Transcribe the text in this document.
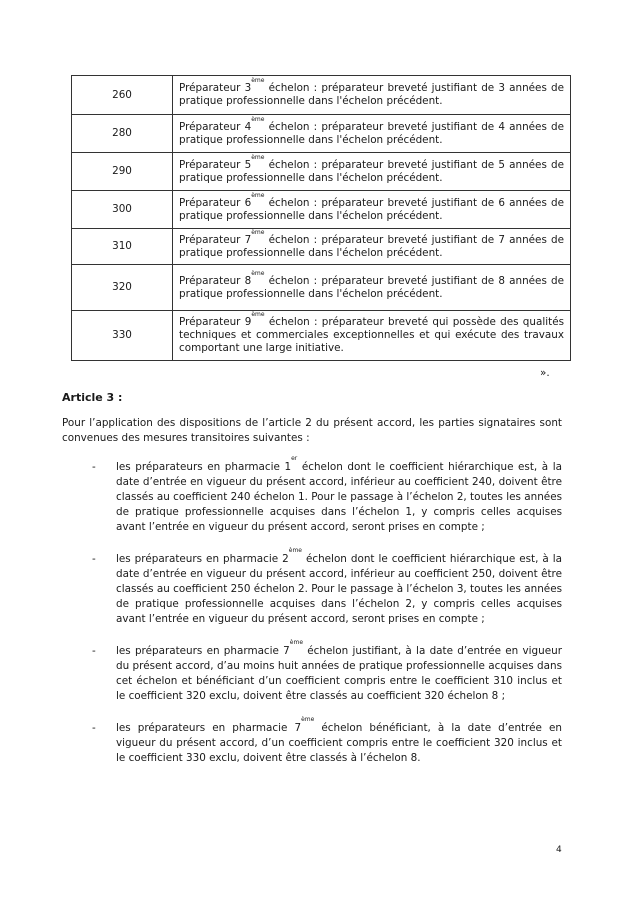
260	Préparateur 3ème échelon : préparateur breveté justifiant de 3 années de pratique professionnelle dans l'échelon précédent.
280	Préparateur 4ème échelon : préparateur breveté justifiant de 4 années de pratique professionnelle dans l'échelon précédent.
290	Préparateur 5ème échelon : préparateur breveté justifiant de 5 années de pratique professionnelle dans l'échelon précédent.
300	Préparateur 6ème échelon : préparateur breveté justifiant de 6 années de pratique professionnelle dans l'échelon précédent.
310	Préparateur 7ème échelon : préparateur breveté justifiant de 7 années de pratique professionnelle dans l'échelon précédent.
320	Préparateur 8ème échelon : préparateur breveté justifiant de 8 années de pratique professionnelle dans l'échelon précédent.
330	Préparateur 9ème échelon : préparateur breveté qui possède des qualités techniques et commerciales exceptionnelles et qui exécute des travaux comportant une large initiative.
».
Article 3 :

Pour l’application des dispositions de l’article 2 du présent accord, les parties signataires sont convenues des mesures transitoires suivantes :

- les préparateurs en pharmacie 1er échelon dont le coefficient hiérarchique est, à la date d’entrée en vigueur du présent accord, inférieur au coefficient 240, doivent être classés au coefficient 240 échelon 1. Pour le passage à l’échelon 2, toutes les années de pratique professionnelle acquises dans l’échelon 1, y compris celles acquises avant l’entrée en vigueur du présent accord, seront prises en compte ;
- les préparateurs en pharmacie 2ème échelon dont le coefficient hiérarchique est, à la date d’entrée en vigueur du présent accord, inférieur au coefficient 250, doivent être classés au coefficient 250 échelon 2. Pour le passage à l’échelon 3, toutes les années de pratique professionnelle acquises dans l’échelon 2, y compris celles acquises avant l’entrée en vigueur du présent accord, seront prises en compte ;
- les préparateurs en pharmacie 7ème échelon justifiant, à la date d’entrée en vigueur du présent accord, d’au moins huit années de pratique professionnelle acquises dans cet échelon et bénéficiant d’un coefficient compris entre le coefficient 310 inclus et le coefficient 320 exclu, doivent être classés au coefficient 320 échelon 8 ;
- les préparateurs en pharmacie 7ème échelon bénéficiant, à la date d’entrée en vigueur du présent accord, d’un coefficient compris entre le coefficient 320 inclus et le coefficient 330 exclu, doivent être classés à l’échelon 8.
4
